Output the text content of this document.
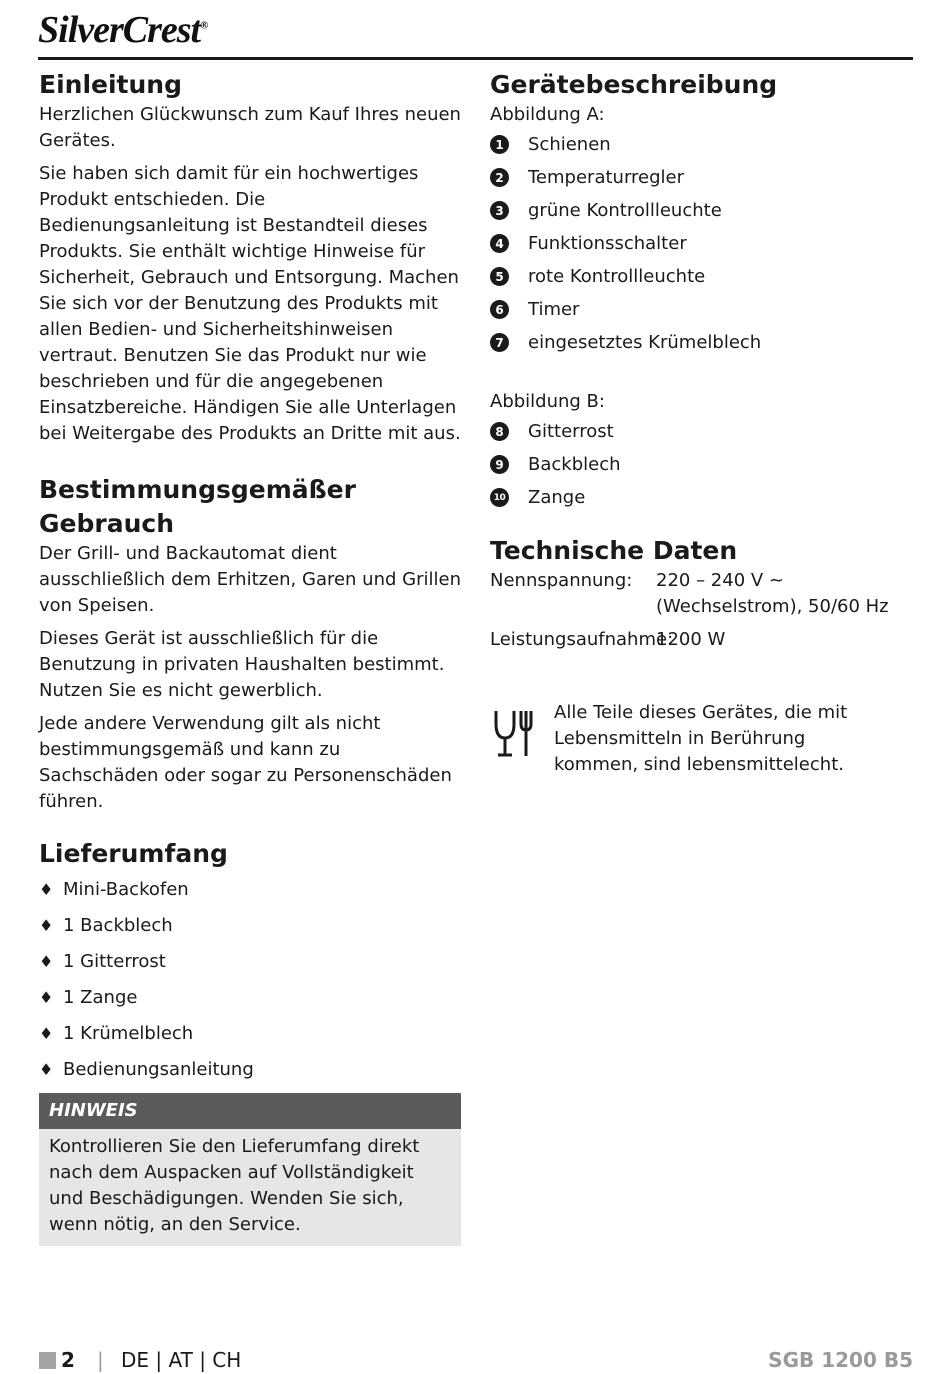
SilverCrest®
Einleitung

Herzlichen Glückwunsch zum Kauf Ihres neuen Gerätes.

Sie haben sich damit für ein hochwertiges Produkt entschieden. Die Bedienungsanleitung ist Bestandteil dieses Produkts. Sie enthält wichtige Hinweise für Sicherheit, Gebrauch und Entsorgung. Machen Sie sich vor der Benutzung des Produkts mit allen Bedien- und Sicherheitshinweisen vertraut. Benutzen Sie das Produkt nur wie beschrieben und für die angegebenen Einsatzbereiche. Händigen Sie alle Unterlagen bei Weitergabe des Produkts an Dritte mit aus.

Bestimmungsgemäßer Gebrauch

Der Grill- und Backautomat dient ausschließlich dem Erhitzen, Garen und Grillen von Speisen.

Dieses Gerät ist ausschließlich für die Benutzung in privaten Haushalten bestimmt. Nutzen Sie es nicht gewerblich.

Jede andere Verwendung gilt als nicht bestimmungsgemäß und kann zu Sachschäden oder sogar zu Personenschäden führen.

Lieferumfang
♦ Mini-Backofen
♦ 1 Backblech
♦ 1 Gitterrost
♦ 1 Zange
♦ 1 Krümelblech
♦ Bedienungsanleitung
HINWEIS

Kontrollieren Sie den Lieferumfang direkt nach dem Auspacken auf Vollständigkeit und Beschädigungen. Wenden Sie sich, wenn nötig, an den Service.

Gerätebeschreibung

Abbildung A:

1 Schienen
2 Temperaturregler
3 grüne Kontrollleuchte
4 Funktionsschalter
5 rote Kontrollleuchte
6 Timer
7 eingesetztes Krümelblech

Abbildung B:

8 Gitterrost
9 Backblech
10 Zange
Technische Daten
Nennspannung:	220 – 240 V ~ (Wechselstrom), 50/60 Hz
Leistungsaufnahme:
1200 W

Alle Teile dieses Gerätes, die mit Lebensmitteln in Berührung kommen, sind lebensmittelecht.

2 | DE | AT | CH	SGB 1200 B5
